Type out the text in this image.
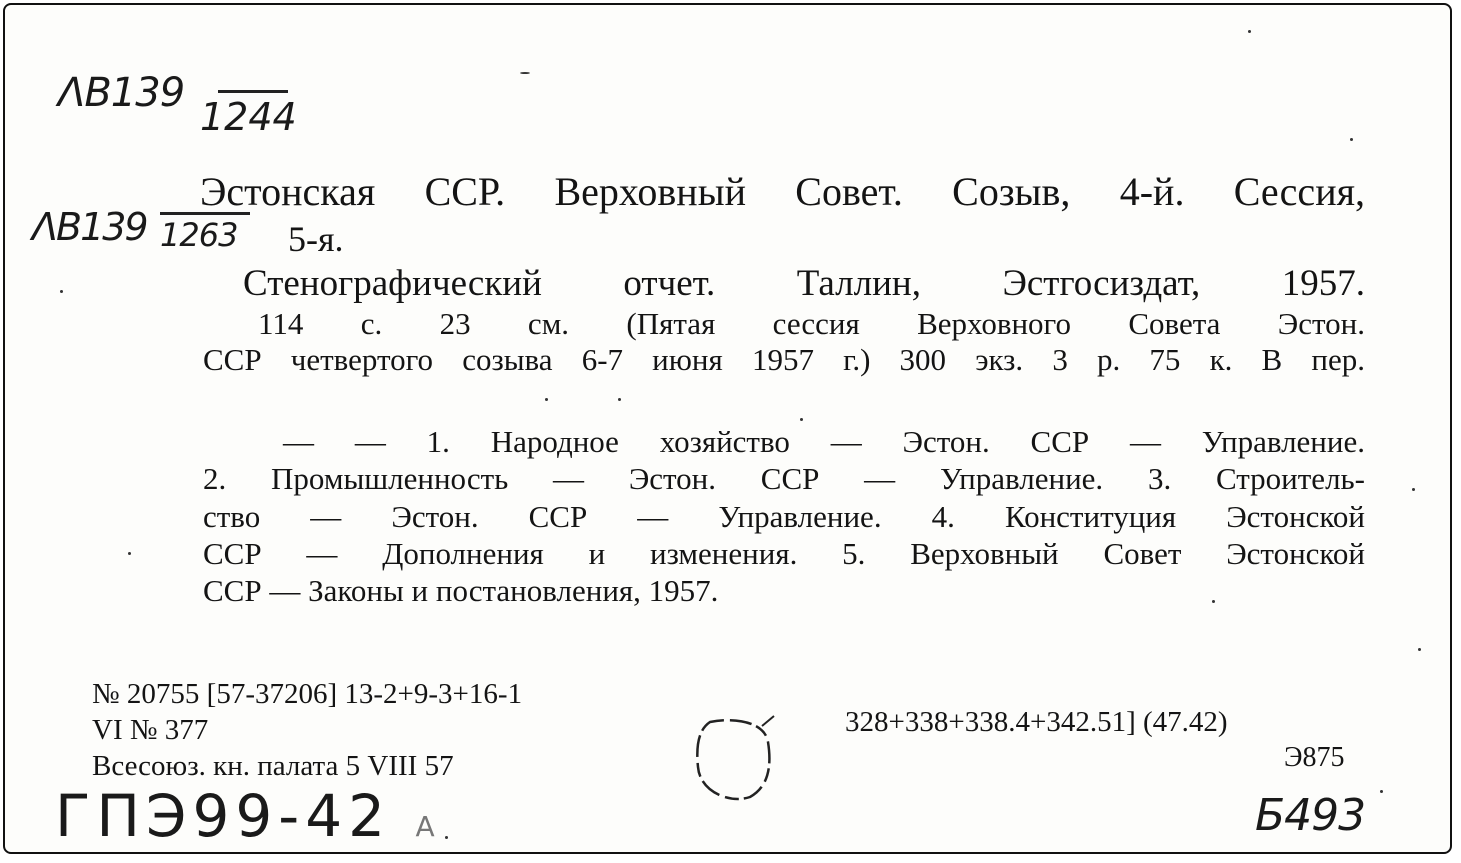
ΛΒ139
1244
ΛΒ139 1263
Эстонская ССР. Верховный Совет. Созыв, 4-й. Сессия,
5-я.
Стенографический отчет. Таллин, Эстгосиздат, 1957.
114 с. 23 см. (Пятая сессия Верховного Совета Эстон.
ССР четвертого созыва 6-7 июня 1957 г.) 300 экз. 3 р. 75 к. В пер.
— — 1. Народное хозяйство — Эстон. ССР — Управление.
2. Промышленность — Эстон. ССР — Управление. 3. Строитель-
ство — Эстон. ССР — Управление. 4. Конституция Эстонской
ССР — Дополнения и изменения. 5. Верховный Совет Эстонской
ССР — Законы и постановления, 1957.
№ 20755 [57-37206] 13-2+9-3+16-1
VI № 377
Всесоюз. кн. палата 5 VIII 57
328+338+338.4+342.51] (47.42)
Э875
ГПЭ99-42 А	Б493
